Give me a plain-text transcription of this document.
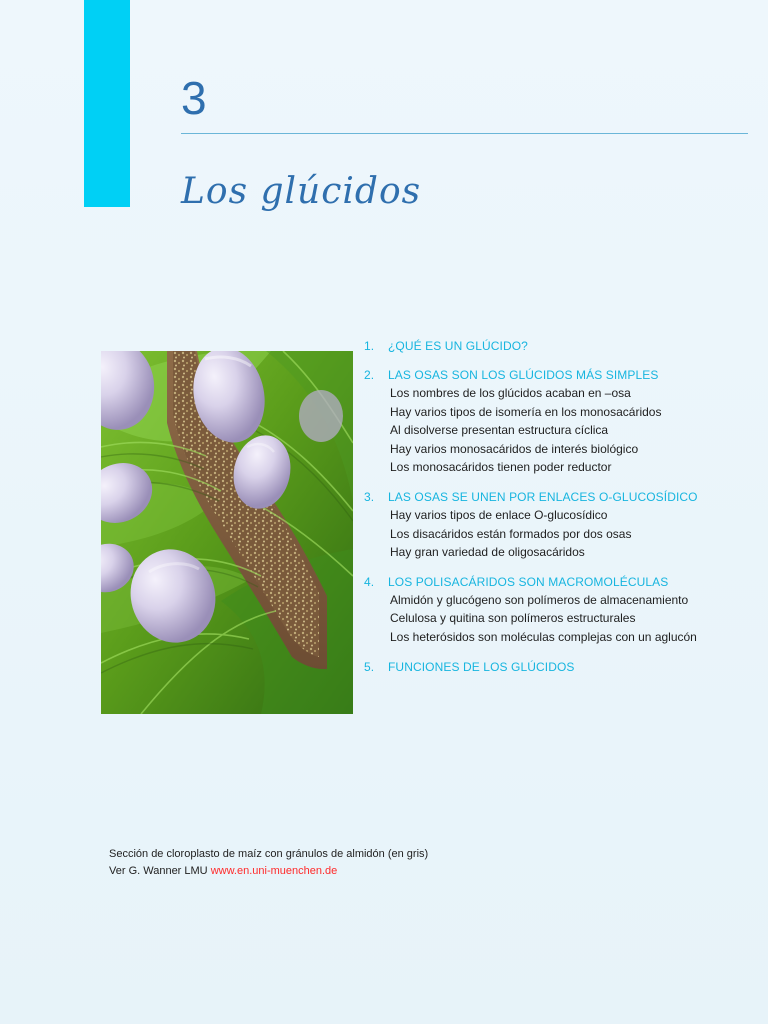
3
Los glúcidos
1.	¿QUÉ ES UN GLÚCIDO?
2.	LAS OSAS SON LOS GLÚCIDOS MÁS SIMPLES
Los nombres de los glúcidos acaban en –osa
Hay varios tipos de isomería en los monosacáridos
Al disolverse presentan estructura cíclica
Hay varios monosacáridos de interés biológico
Los monosacáridos tienen poder reductor
3.	LAS OSAS SE UNEN POR ENLACES O-GLUCOSÍDICO
Hay varios tipos de enlace O-glucosídico
Los disacáridos están formados por dos osas
Hay gran variedad de oligosacáridos
4.	LOS POLISACÁRIDOS SON MACROMOLÉCULAS
Almidón y glucógeno son polímeros de almacenamiento
Celulosa y quitina son polímeros estructurales
Los heterósidos son moléculas complejas con un aglucón
5.	FUNCIONES DE LOS GLÚCIDOS
Sección de cloroplasto de maíz con gránulos de almidón (en gris)
Ver G. Wanner LMU www.en.uni-muenchen.de
